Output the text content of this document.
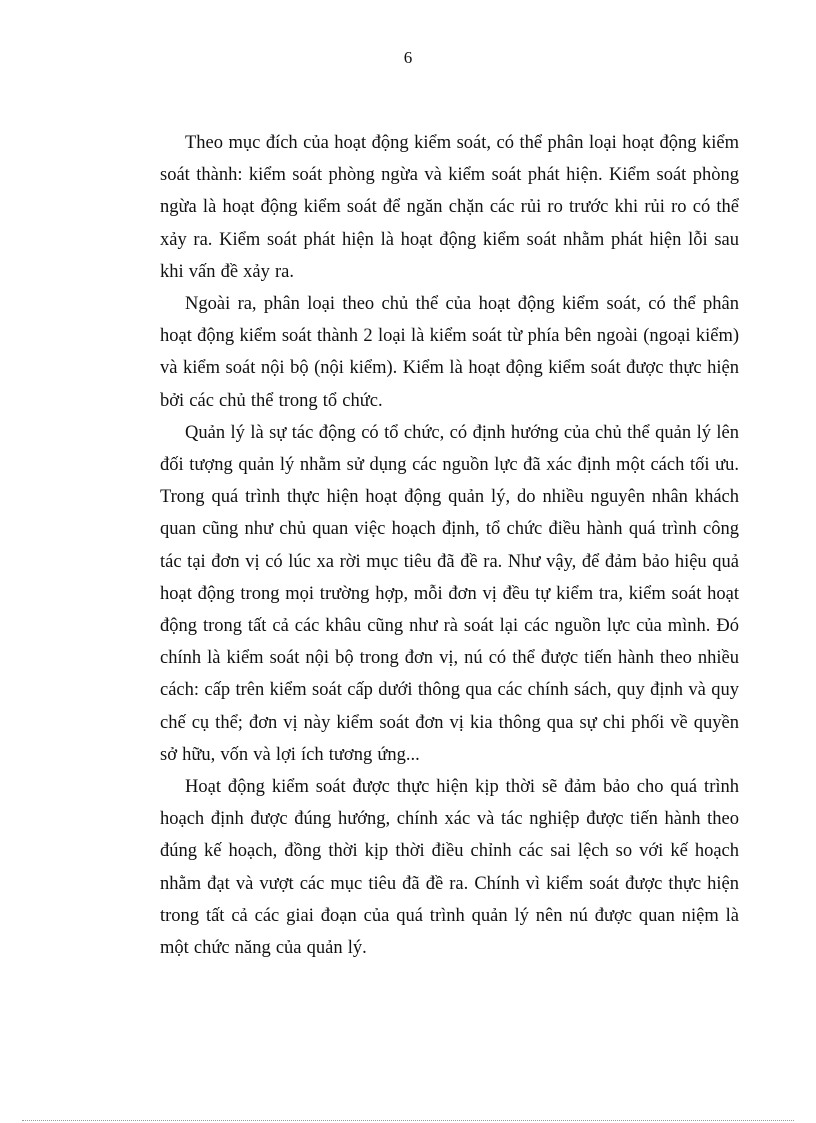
6

Theo mục đích của hoạt động kiểm soát, có thể phân loại hoạt động kiểm soát thành: kiểm soát phòng ngừa và kiểm soát phát hiện. Kiểm soát phòng ngừa là hoạt động kiểm soát để ngăn chặn các rủi ro trước khi rủi ro có thể xảy ra. Kiểm soát phát hiện là hoạt động kiểm soát nhằm phát hiện lỗi sau khi vấn đề xảy ra.

Ngoài ra, phân loại theo chủ thể của hoạt động kiểm soát, có thể phân hoạt động kiểm soát thành 2 loại là kiểm soát từ phía bên ngoài (ngoại kiểm) và kiểm soát nội bộ (nội kiểm). Kiểm là hoạt động kiểm soát được thực hiện bởi các chủ thể trong tổ chức.

Quản lý là sự tác động có tổ chức, có định hướng của chủ thể quản lý lên đối tượng quản lý nhằm sử dụng các nguồn lực đã xác định một cách tối ưu. Trong quá trình thực hiện hoạt động quản lý, do nhiều nguyên nhân khách quan cũng như chủ quan việc hoạch định, tổ chức điều hành quá trình công tác tại đơn vị có lúc xa rời mục tiêu đã đề ra. Như vậy, để đảm bảo hiệu quả hoạt động trong mọi trường hợp, mỗi đơn vị đều tự kiểm tra, kiểm soát hoạt động trong tất cả các khâu cũng như rà soát lại các nguồn lực của mình. Đó chính là kiểm soát nội bộ trong đơn vị, nú có thể được tiến hành theo nhiều cách: cấp trên kiểm soát cấp dưới thông qua các chính sách, quy định và quy chế cụ thể; đơn vị này kiểm soát đơn vị kia thông qua sự chi phối về quyền sở hữu, vốn và lợi ích tương ứng...

Hoạt động kiểm soát được thực hiện kịp thời sẽ đảm bảo cho quá trình hoạch định được đúng hướng, chính xác và tác nghiệp được tiến hành theo đúng kế hoạch, đồng thời kịp thời điều chỉnh các sai lệch so với kế hoạch nhằm đạt và vượt các mục tiêu đã đề ra. Chính vì kiểm soát được thực hiện trong tất cả các giai đoạn của quá trình quản lý nên nú được quan niệm là một chức năng của quản lý.
